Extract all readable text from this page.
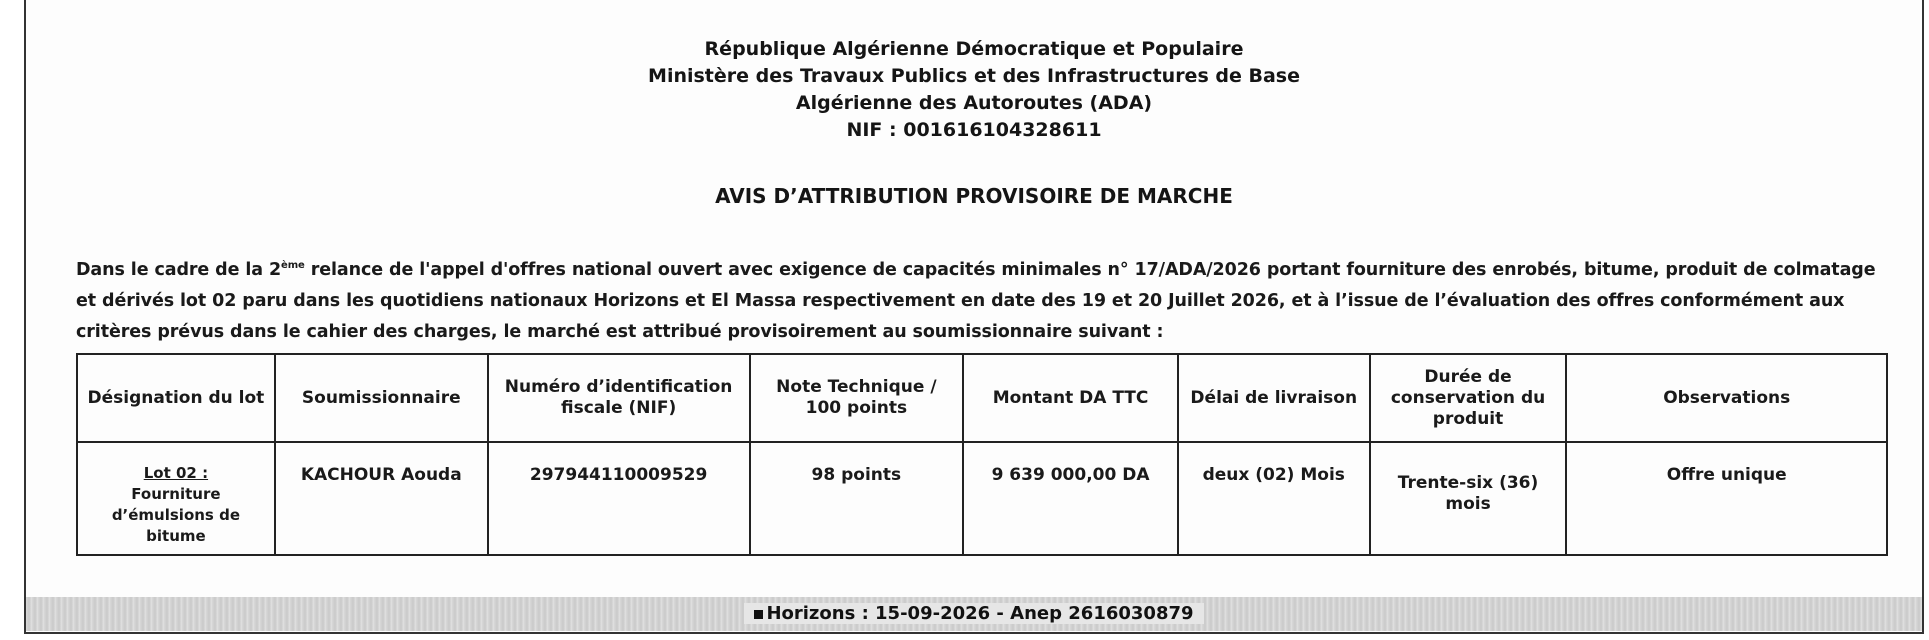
République Algérienne Démocratique et Populaire
Ministère des Travaux Publics et des Infrastructures de Base
Algérienne des Autoroutes (ADA)
NIF : 001616104328611
AVIS D’ATTRIBUTION PROVISOIRE DE MARCHE
Dans le cadre de la 2ème relance de l'appel d'offres national ouvert avec exigence de capacités minimales n° 17/ADA/2026 portant fourniture des enrobés, bitume, produit de colmatage et dérivés lot 02 paru dans les quotidiens nationaux Horizons et El Massa respectivement en date des 19 et 20 Juillet 2026, et à l’issue de l’évaluation des offres conformément aux critères prévus dans le cahier des charges, le marché est attribué provisoirement au soumissionnaire suivant :
Désignation du lot	Soumissionnaire	Numéro d’identification fiscale (NIF)	Note Technique / 100 points	Montant DA TTC	Délai de livraison	Durée de conservation du produit	Observations

Lot 02 :
Fourniture d’émulsions de bitume	KACHOUR Aouda	297944110009529	98 points	9 639 000,00 DA	deux (02) Mois	Trente-six (36) mois	Offre unique
Horizons : 15-09-2026 - Anep 2616030879
